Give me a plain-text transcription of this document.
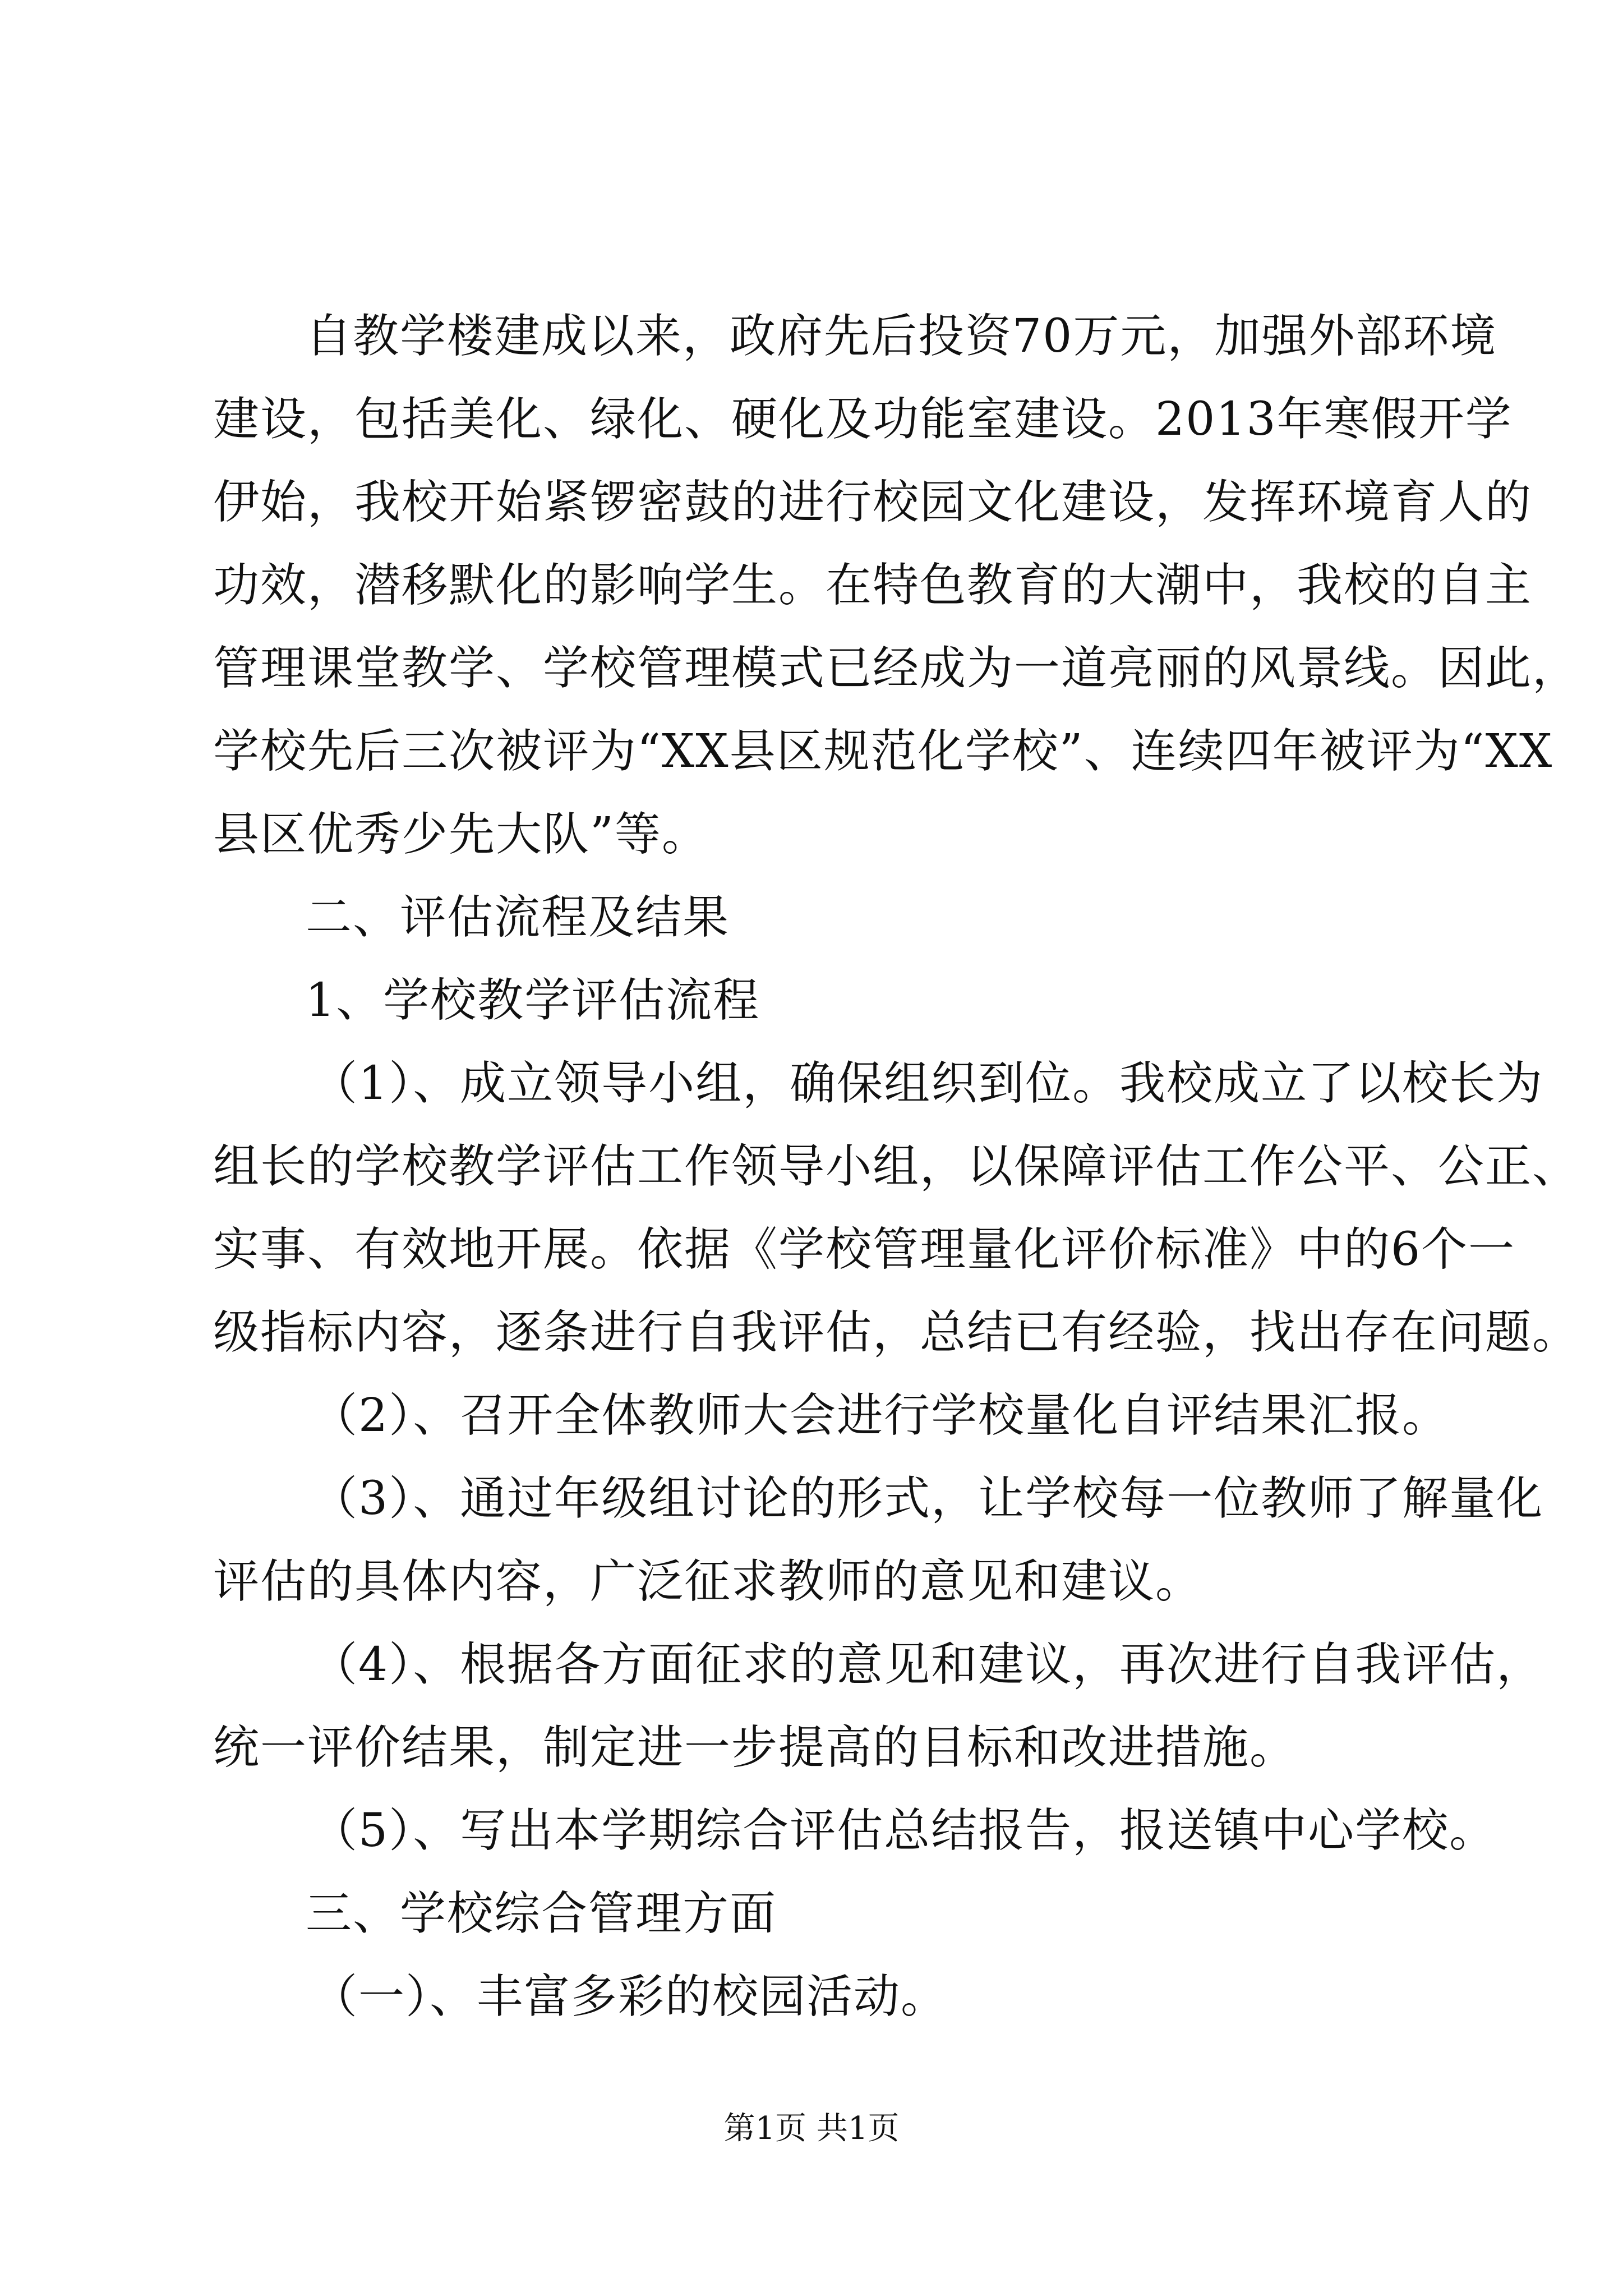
自教学楼建成以来，政府先后投资70万元，加强外部环境
建设，包括美化、绿化、硬化及功能室建设。2013年寒假开学
伊始，我校开始紧锣密鼓的进行校园文化建设，发挥环境育人的
功效，潜移默化的影响学生。在特色教育的大潮中，我校的自主
管理课堂教学、学校管理模式已经成为一道亮丽的风景线。因此，
学校先后三次被评为“XX县区规范化学校”、连续四年被评为“XX
县区优秀少先大队”等。
二、评估流程及结果
1、学校教学评估流程
（1）、成立领导小组，确保组织到位。我校成立了以校长为
组长的学校教学评估工作领导小组，以保障评估工作公平、公正、
实事、有效地开展。依据《学校管理量化评价标准》中的6个一
级指标内容，逐条进行自我评估，总结已有经验，找出存在问题。
（2）、召开全体教师大会进行学校量化自评结果汇报。
（3）、通过年级组讨论的形式，让学校每一位教师了解量化
评估的具体内容，广泛征求教师的意见和建议。
（4）、根据各方面征求的意见和建议，再次进行自我评估，
统一评价结果，制定进一步提高的目标和改进措施。
（5）、写出本学期综合评估总结报告，报送镇中心学校。
三、学校综合管理方面
（一）、丰富多彩的校园活动。
第1页 共1页
